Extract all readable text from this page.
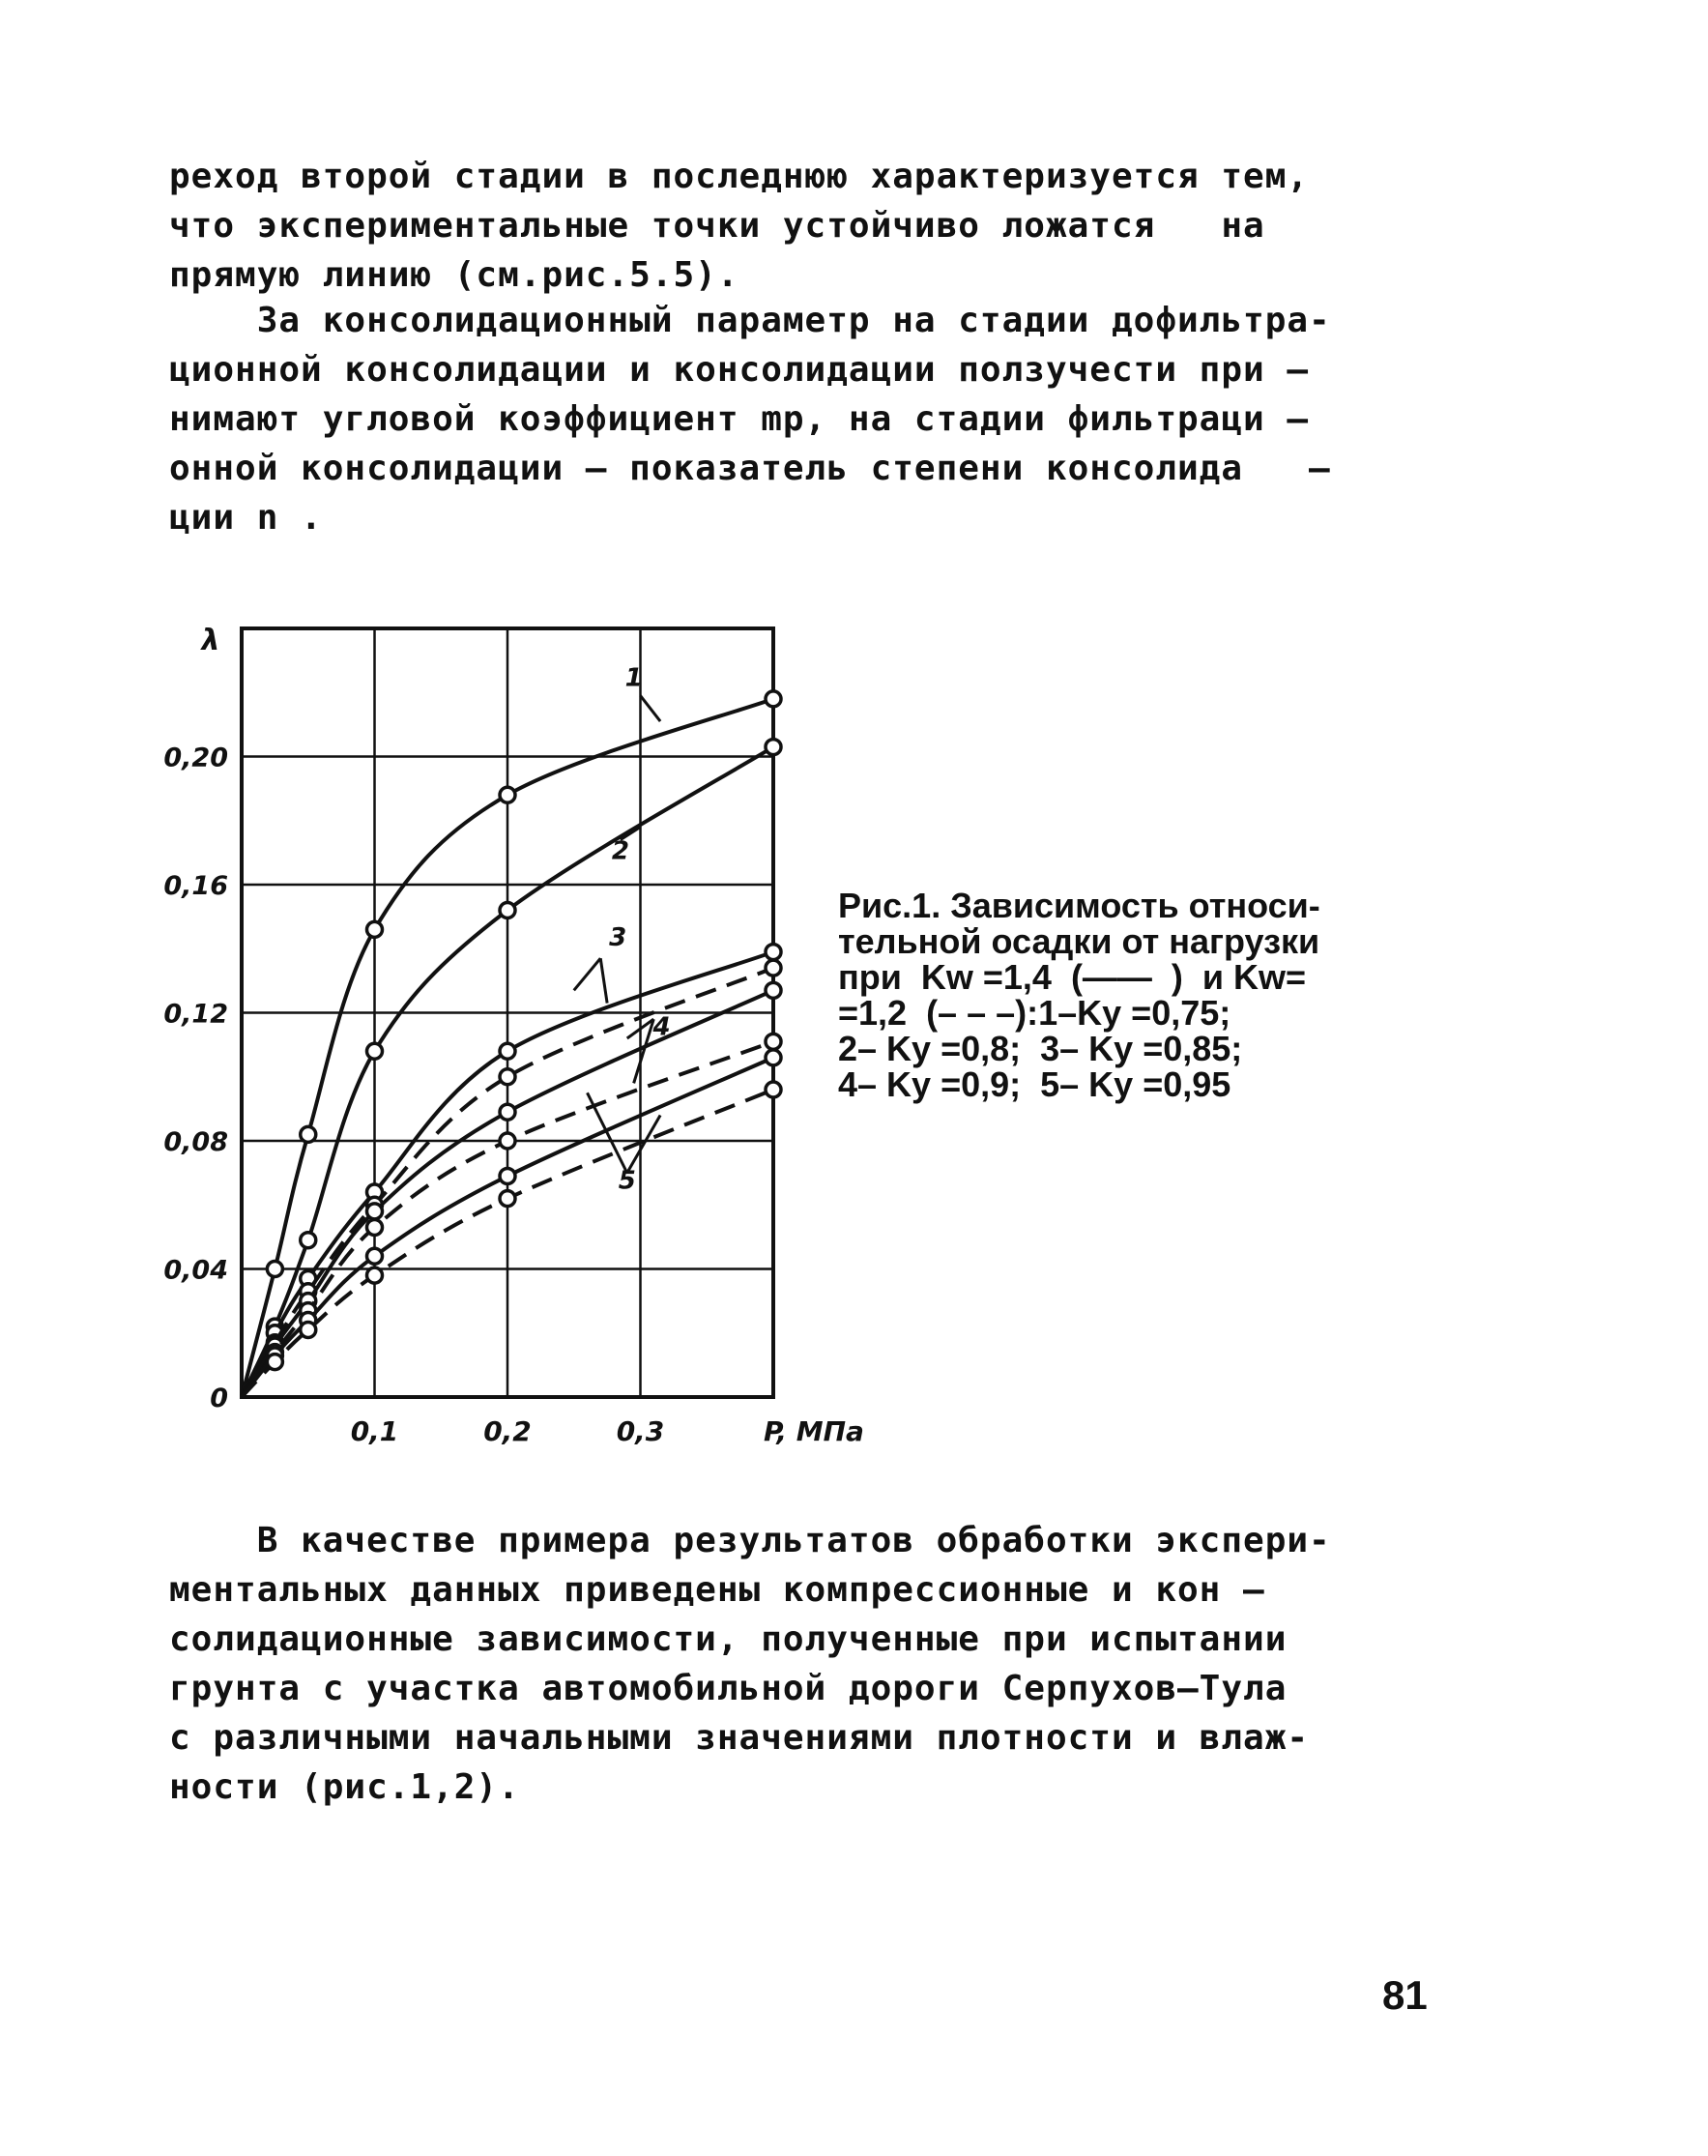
реход второй стадии в последнюю характеризуется тем,
что экспериментальные точки устойчиво ложатся   на
прямую линию (см.рис.5.5).
За консолидационный параметр на стадии дофильтра-
ционной консолидации и консолидации ползучести при –
нимают угловой коэффициент mр, на стадии фильтраци –
онной консолидации – показатель степени консолида   –
ции n .
0
0,04
0,08
0,12
0,16
0,20
0,1	0,2	0,3	P, МПа
λ
1
2
3
4
5
Рис.1. Зависимость относи-
тельной осадки от нагрузки
при  Kw =1,4  (——  )  и Kw=
=1,2  (– – –):1–Ky =0,75;
2– Ky =0,8;  3– Ky =0,85;
4– Ky =0,9;  5– Ky =0,95
В качестве примера результатов обработки экспери-
ментальных данных приведены компрессионные и кон –
солидационные зависимости, полученные при испытании
грунта с участка автомобильной дороги Серпухов–Тула
с различными начальными значениями плотности и влаж-
ности (рис.1,2).
81
